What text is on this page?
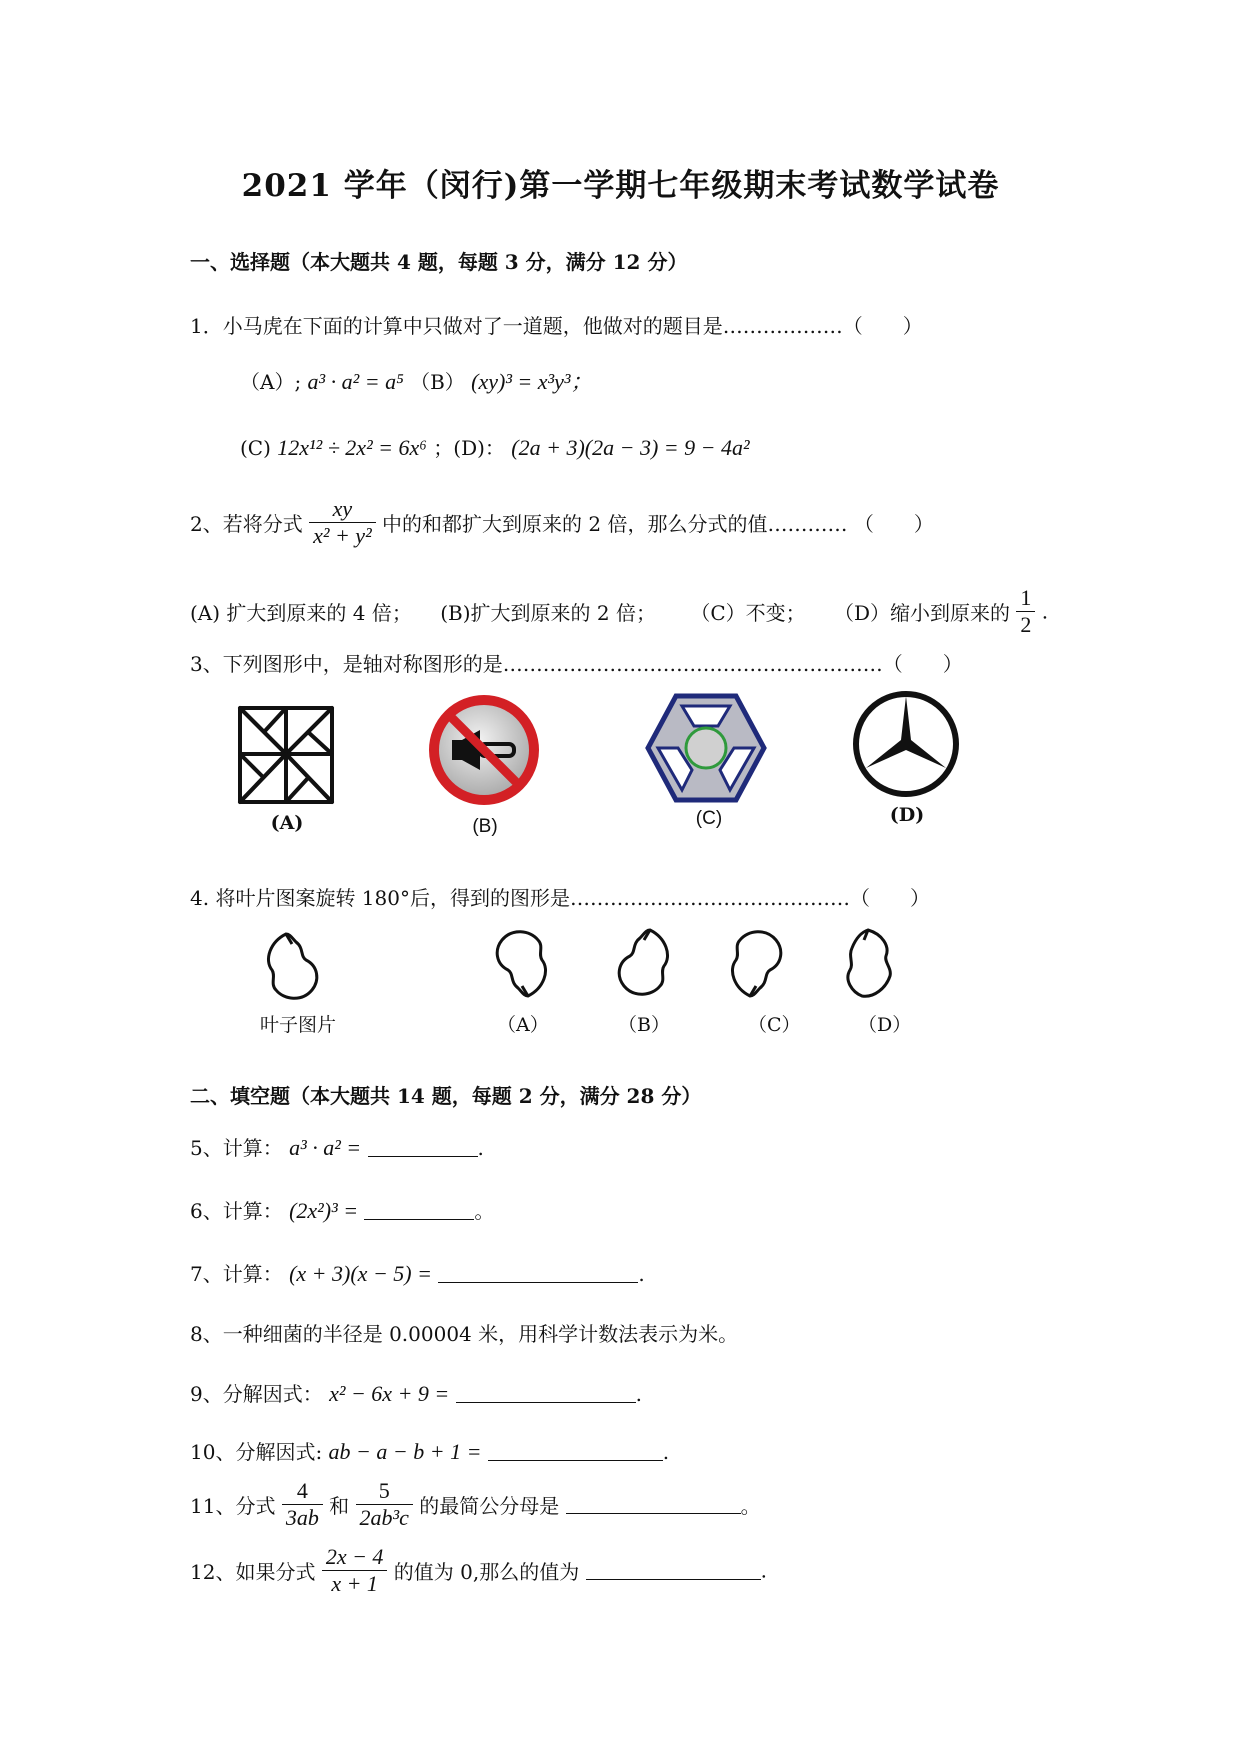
2021 学年（闵行)第一学期七年级期末考试数学试卷
一、选择题（本大题共 4 题，每题 3 分，满分 12 分）
1．小马虎在下面的计算中只做对了一道题，他做对的题目是………………（　　）
（A）; a³ · a² = a⁵ （B） (xy)³ = x³y³；
(C) 12x¹² ÷ 2x² = 6x⁶ ；(D)： (2a + 3)(2a − 3) = 9 − 4a²
2、若将分式 $\frac{xy}{\text{x² + y²}}$ 中的和都扩大到原来的 2 倍，那么分式的值………… （　　）
(A) 扩大到原来的 4 倍； (B)扩大到原来的 2 倍； （C）不变； （D）缩小到原来的 $\frac{1}{2}$ .
3、下列图形中，是轴对称图形的是…………………………………………………（　　）
(A)	(B)	(C)	(D)
4. 将叶片图案旋转 180°后，得到的图形是……………………………………（　　）
叶子图片	（A）	（B）	（C）	（D）
二、填空题（本大题共 14 题，每题 2 分，满分 28 分）
5、计算： a³ · a² =	.
6、计算： (2x²)³ =	。
7、计算： (x + 3)(x − 5) =	.
8、一种细菌的半径是 0.00004 米，用科学计数法表示为米。
9、分解因式： x² − 6x + 9 =	.
10、分解因式: ab − a − b + 1 =	.
11、分式 $\frac{4}{3ab}$ 和 $\frac{5}{\text{2ab³c}}$ 的最简公分母是	。
12、如果分式 $\frac{2x - 4}{x + 1}$ 的值为 0,那么的值为	.
